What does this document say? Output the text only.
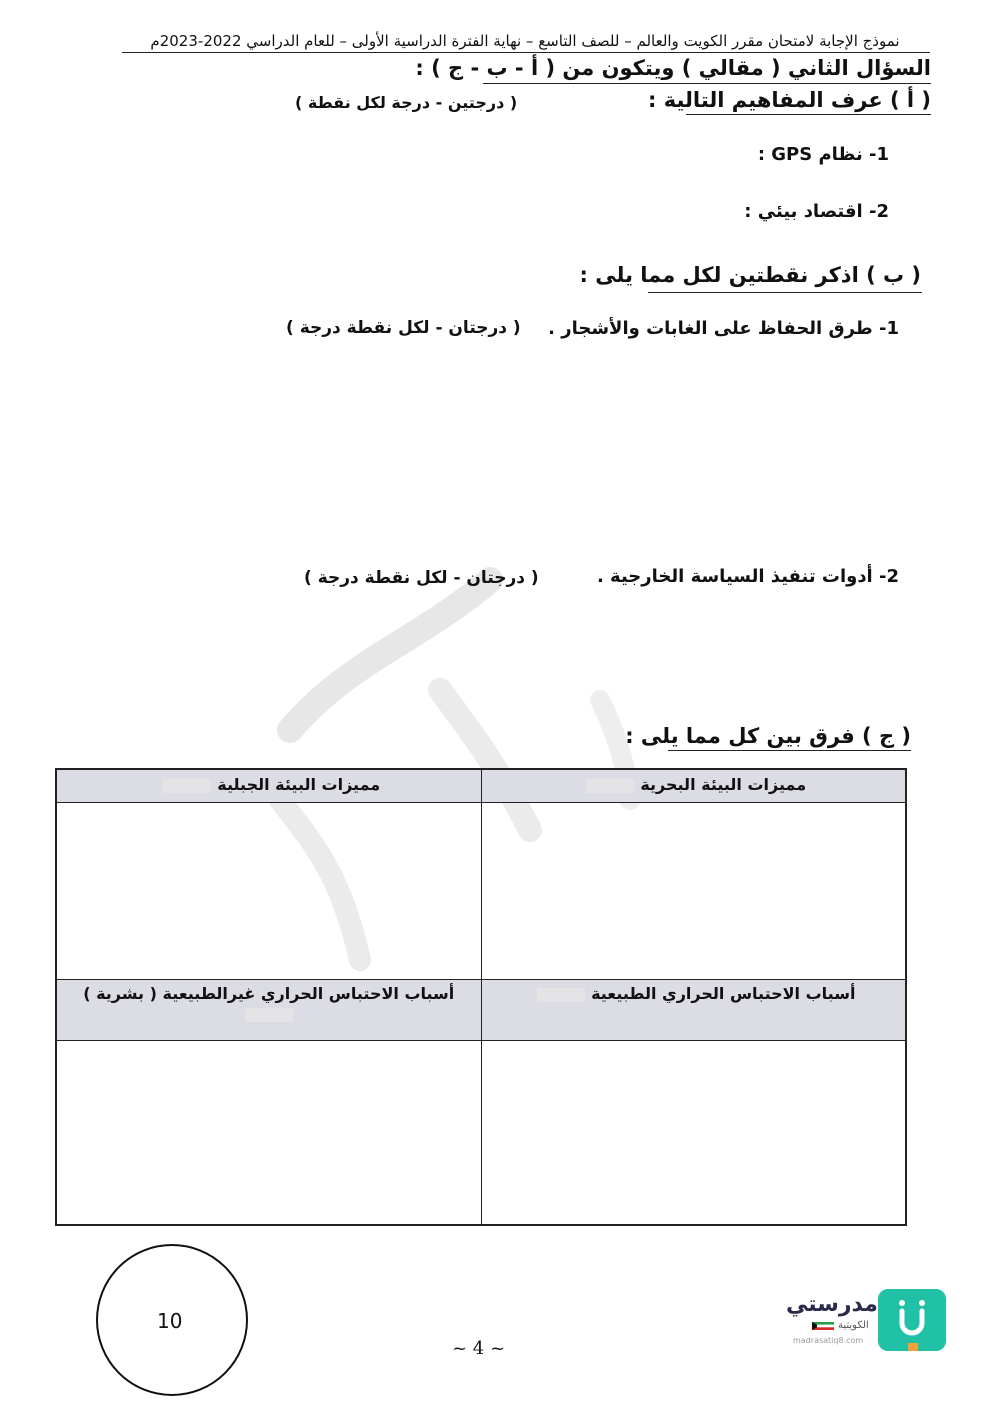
نموذج الإجابة لامتحان مقرر الكويت والعالم – للصف التاسع – نهاية الفترة الدراسية الأولى – للعام الدراسي 2022-2023م
السؤال الثاني ( مقالي ) ويتكون من ( أ - ب - ج ) :
( أ ) عرف المفاهيم التالية :
( درجتين - درجة لكل نقطة )
1- نظام GPS :
2- اقتصاد بيئي :
( ب ) اذكر نقطتين لكل مما يلى :
1- طرق الحفاظ على الغابات والأشجار .
( درجتان - لكل نقطة درجة )
2- أدوات تنفيذ السياسة الخارجية .
( درجتان - لكل نقطة درجة )
( ج ) فرق بين كل مما يلى :
مميزات البيئة البحرية	مميزات البيئة الجبلية

أسباب الاحتباس الحراري الطبيعية	أسباب الاحتباس الحراري غيرالطبيعية ( بشرية )

10
~ 4 ~
مدرستي
الكويتية
madrasatiq8.com
